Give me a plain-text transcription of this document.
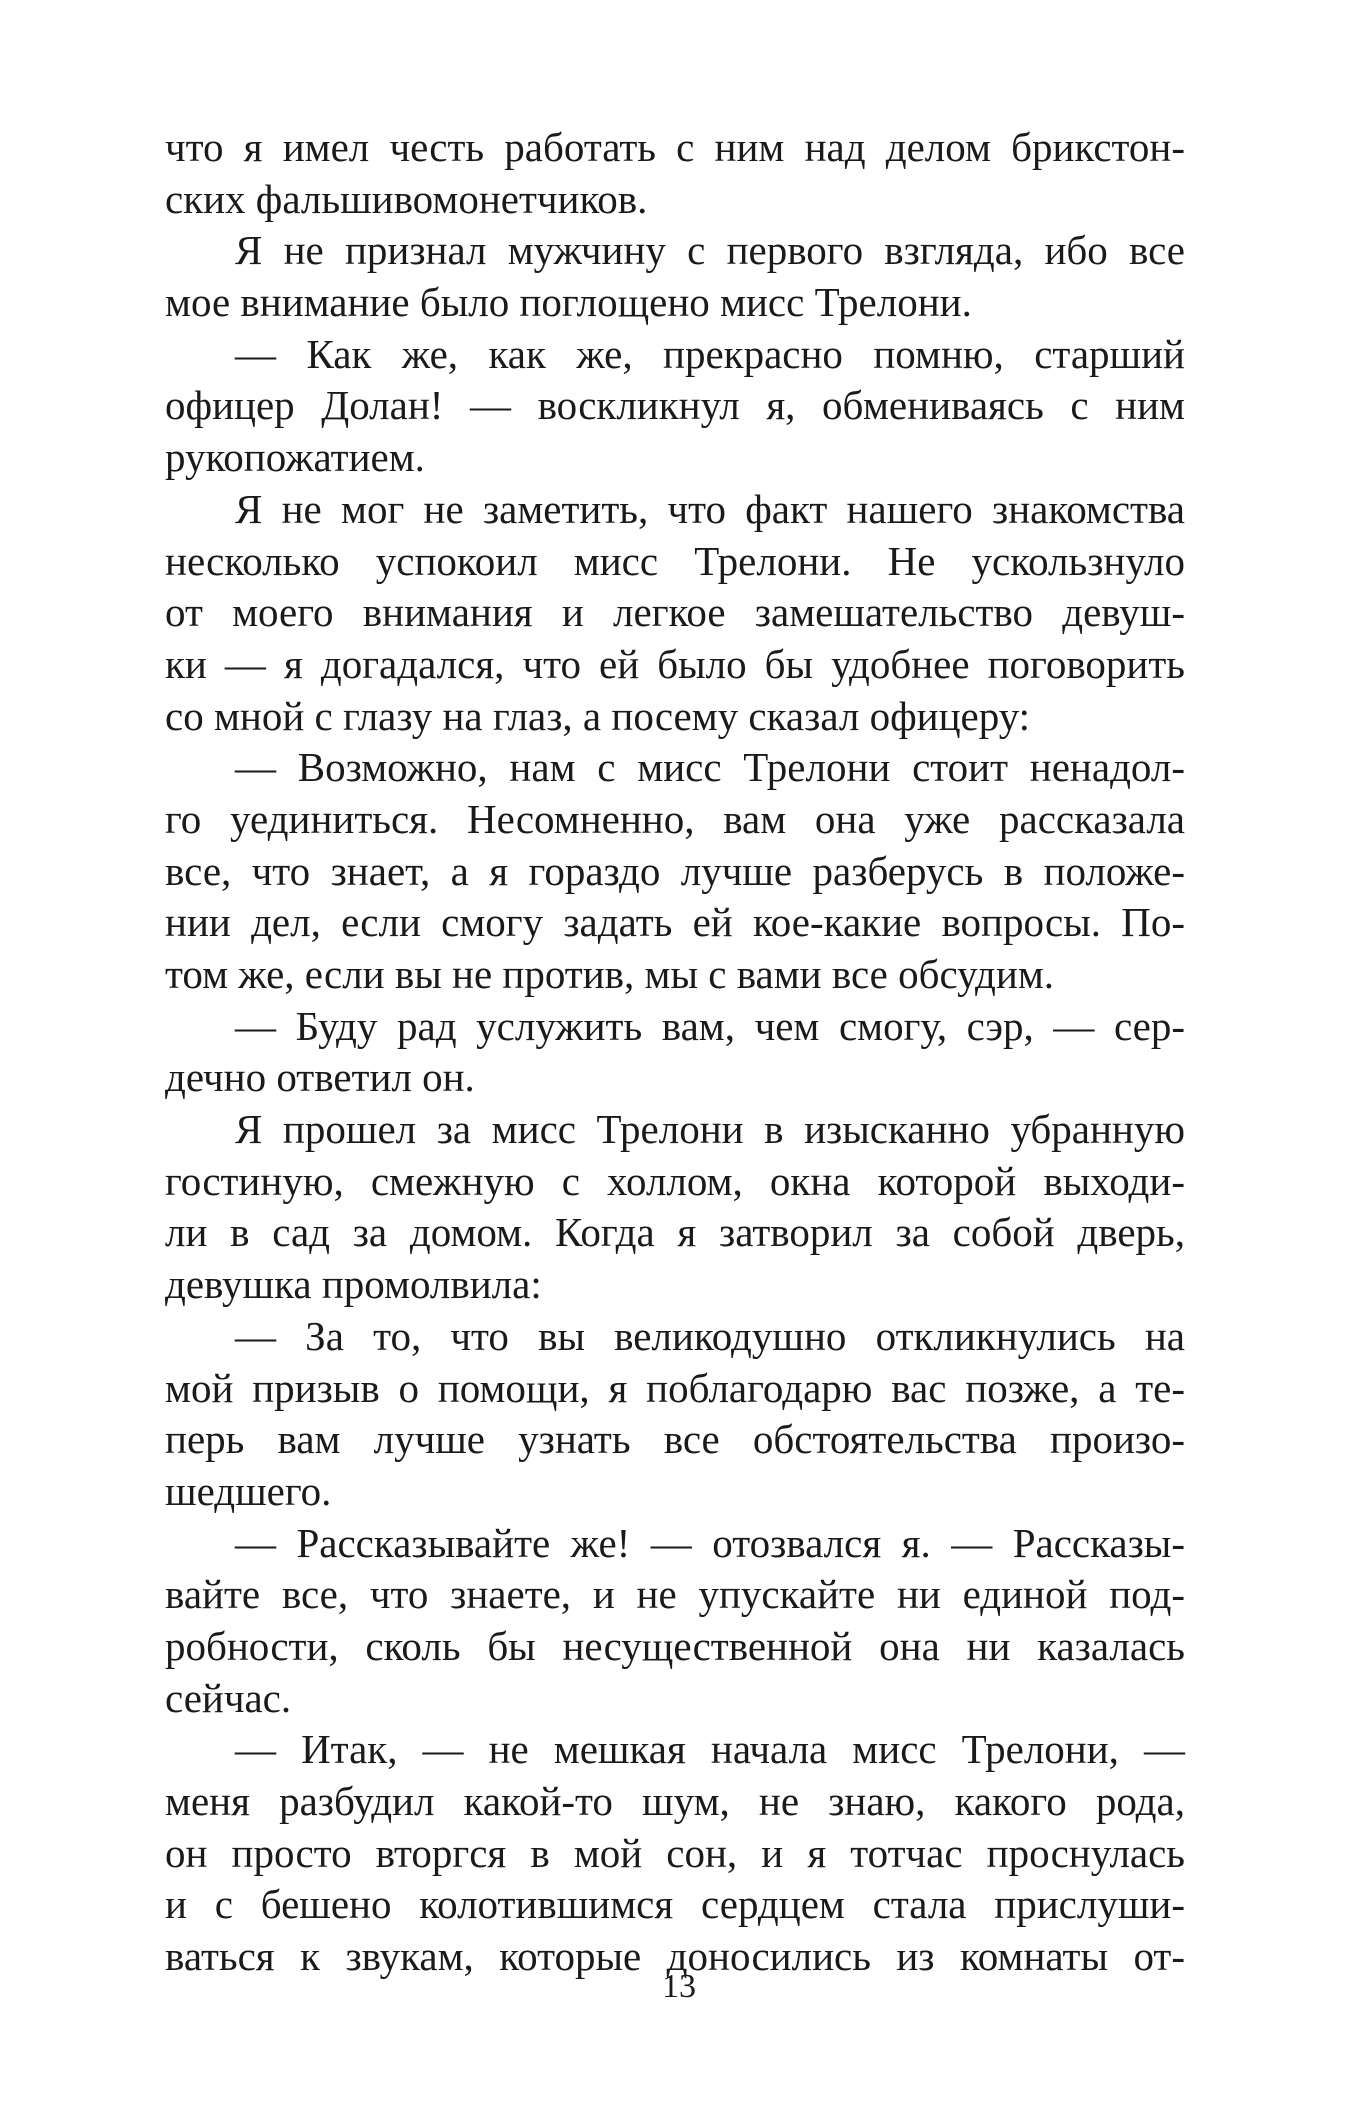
что я имел честь работать с ним над делом брикстон-
ских фальшивомонетчиков.
Я не признал мужчину с первого взгляда, ибо все
мое внимание было поглощено мисс Трелони.
— Как же, как же, прекрасно помню, старший
офицер Долан! — воскликнул я, обмениваясь с ним
рукопожатием.
Я не мог не заметить, что факт нашего знакомства
несколько успокоил мисс Трелони. Не ускользнуло
от моего внимания и легкое замешательство девуш-
ки — я догадался, что ей было бы удобнее поговорить
со мной с глазу на глаз, а посему сказал офицеру:
— Возможно, нам с мисс Трелони стоит ненадол-
го уединиться. Несомненно, вам она уже рассказала
все, что знает, а я гораздо лучше разберусь в положе-
нии дел, если смогу задать ей кое-какие вопросы. По-
том же, если вы не против, мы с вами все обсудим.
— Буду рад услужить вам, чем смогу, сэр, — сер-
дечно ответил он.
Я прошел за мисс Трелони в изысканно убранную
гостиную, смежную с холлом, окна которой выходи-
ли в сад за домом. Когда я затворил за собой дверь,
девушка промолвила:
— За то, что вы великодушно откликнулись на
мой призыв о помощи, я поблагодарю вас позже, а те-
перь вам лучше узнать все обстоятельства произо-
шедшего.
— Рассказывайте же! — отозвался я. — Рассказы-
вайте все, что знаете, и не упускайте ни единой под-
робности, сколь бы несущественной она ни казалась
сейчас.
— Итак, — не мешкая начала мисс Трелони, —
меня разбудил какой-то шум, не знаю, какого рода,
он просто вторгся в мой сон, и я тотчас проснулась
и с бешено колотившимся сердцем стала прислуши-
ваться к звукам, которые доносились из комнаты от-
13
